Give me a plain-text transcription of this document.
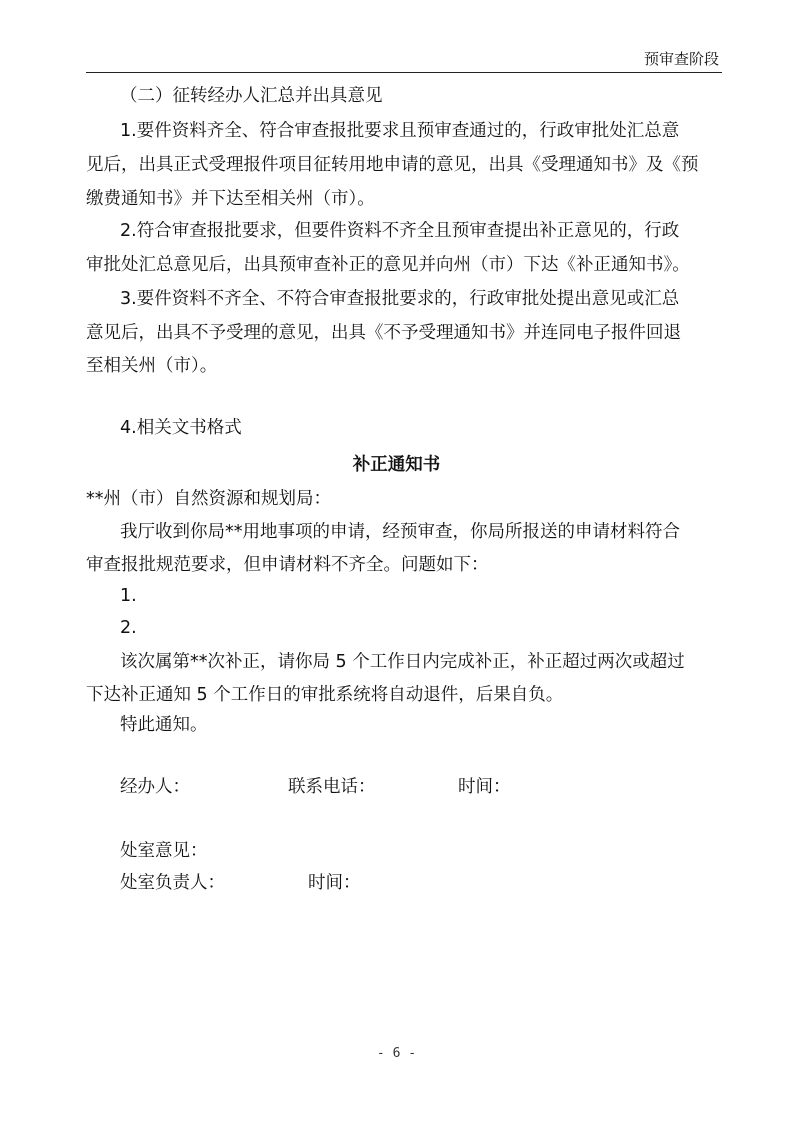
预审查阶段
（二）征转经办人汇总并出具意见
1.要件资料齐全、符合审查报批要求且预审查通过的，行政审批处汇总意
见后，出具正式受理报件项目征转用地申请的意见，出具《受理通知书》及《预
缴费通知书》并下达至相关州（市）。
2.符合审查报批要求，但要件资料不齐全且预审查提出补正意见的，行政
审批处汇总意见后，出具预审查补正的意见并向州（市）下达《补正通知书》。
3.要件资料不齐全、不符合审查报批要求的，行政审批处提出意见或汇总
意见后，出具不予受理的意见，出具《不予受理通知书》并连同电子报件回退
至相关州（市）。
4.相关文书格式
补正通知书
**州（市）自然资源和规划局：
我厅收到你局**用地事项的申请，经预审查，你局所报送的申请材料符合
审查报批规范要求，但申请材料不齐全。问题如下：
1.
2.
该次属第**次补正，请你局 5 个工作日内完成补正，补正超过两次或超过
下达补正通知 5 个工作日的审批系统将自动退件，后果自负。
特此通知。
经办人：	联系电话：	时间：
处室意见：
处室负责人：	时间：
- 6 -
